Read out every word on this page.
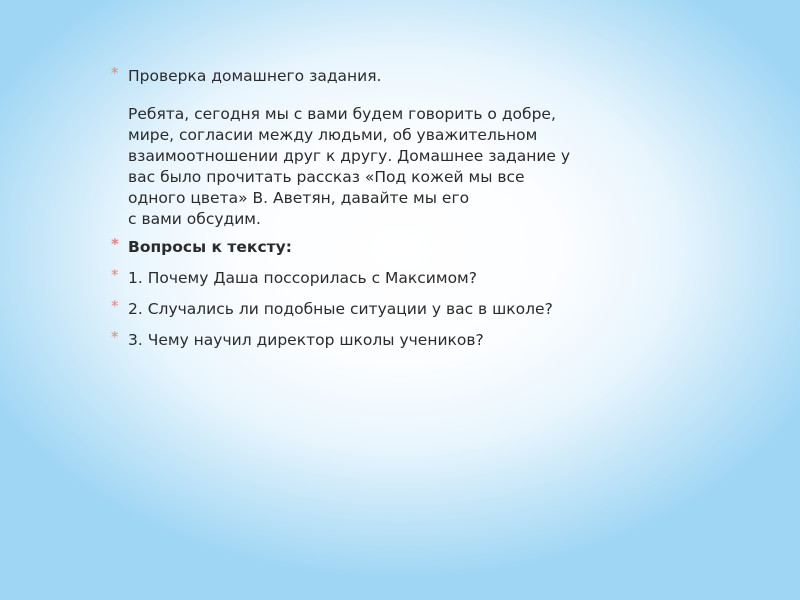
* Проверка домашнего задания.
Ребята, сегодня мы с вами будем говорить о добре,
мире, согласии между людьми, об уважительном
взаимоотношении друг к другу. Домашнее задание у
вас было прочитать рассказ «Под кожей мы все
одного цвета» В. Аветян, давайте мы его
с вами обсудим.
* Вопросы к тексту:
* 1. Почему Даша поссорилась с Максимом?
* 2. Случались ли подобные ситуации у вас в школе?
* 3. Чему научил директор школы учеников?
